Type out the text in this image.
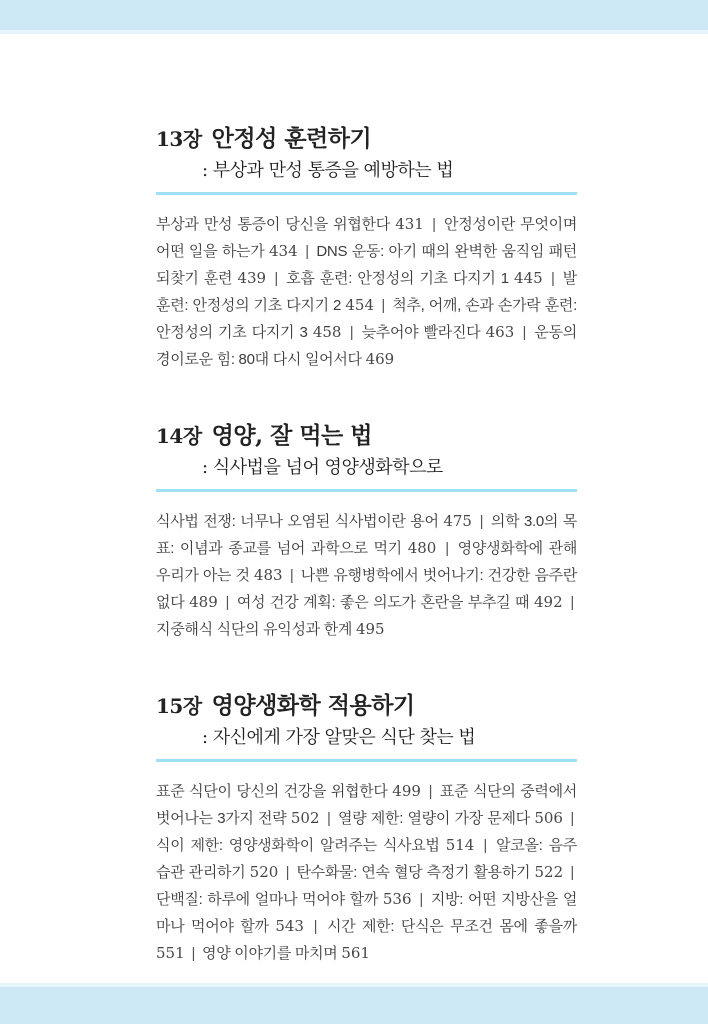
13장 안정성 훈련하기
: 부상과 만성 통증을 예방하는 법

부상과 만성 통증이 당신을 위협한다 431 | 안정성이란 무엇이며 어떤 일을 하는가 434 | DNS 운동: 아기 때의 완벽한 움직임 패턴 되찾기 훈련 439 | 호흡 훈련: 안정성의 기초 다지기 1 445 | 발 훈련: 안정성의 기초 다지기 2 454 | 척추, 어깨, 손과 손가락 훈련: 안정성의 기초 다지기 3 458 | 늦추어야 빨라진다 463 | 운동의 경이로운 힘: 80대 다시 일어서다 469

14장 영양, 잘 먹는 법
: 식사법을 넘어 영양생화학으로

식사법 전쟁: 너무나 오염된 식사법이란 용어 475 | 의학 3.0의 목표: 이념과 종교를 넘어 과학으로 먹기 480 | 영양생화학에 관해 우리가 아는 것 483 | 나쁜 유행병학에서 벗어나기: 건강한 음주란 없다 489 | 여성 건강 계획: 좋은 의도가 혼란을 부추길 때 492 | 지중해식 식단의 유익성과 한계 495

15장 영양생화학 적용하기
: 자신에게 가장 알맞은 식단 찾는 법

표준 식단이 당신의 건강을 위협한다 499 | 표준 식단의 중력에서 벗어나는 3가지 전략 502 | 열량 제한: 열량이 가장 문제다 506 | 식이 제한: 영양생화학이 알려주는 식사요법 514 | 알코올: 음주 습관 관리하기 520 | 탄수화물: 연속 혈당 측정기 활용하기 522 | 단백질: 하루에 얼마나 먹어야 할까 536 | 지방: 어떤 지방산을 얼마나 먹어야 할까 543 | 시간 제한: 단식은 무조건 몸에 좋을까 551 | 영양 이야기를 마치며 561
